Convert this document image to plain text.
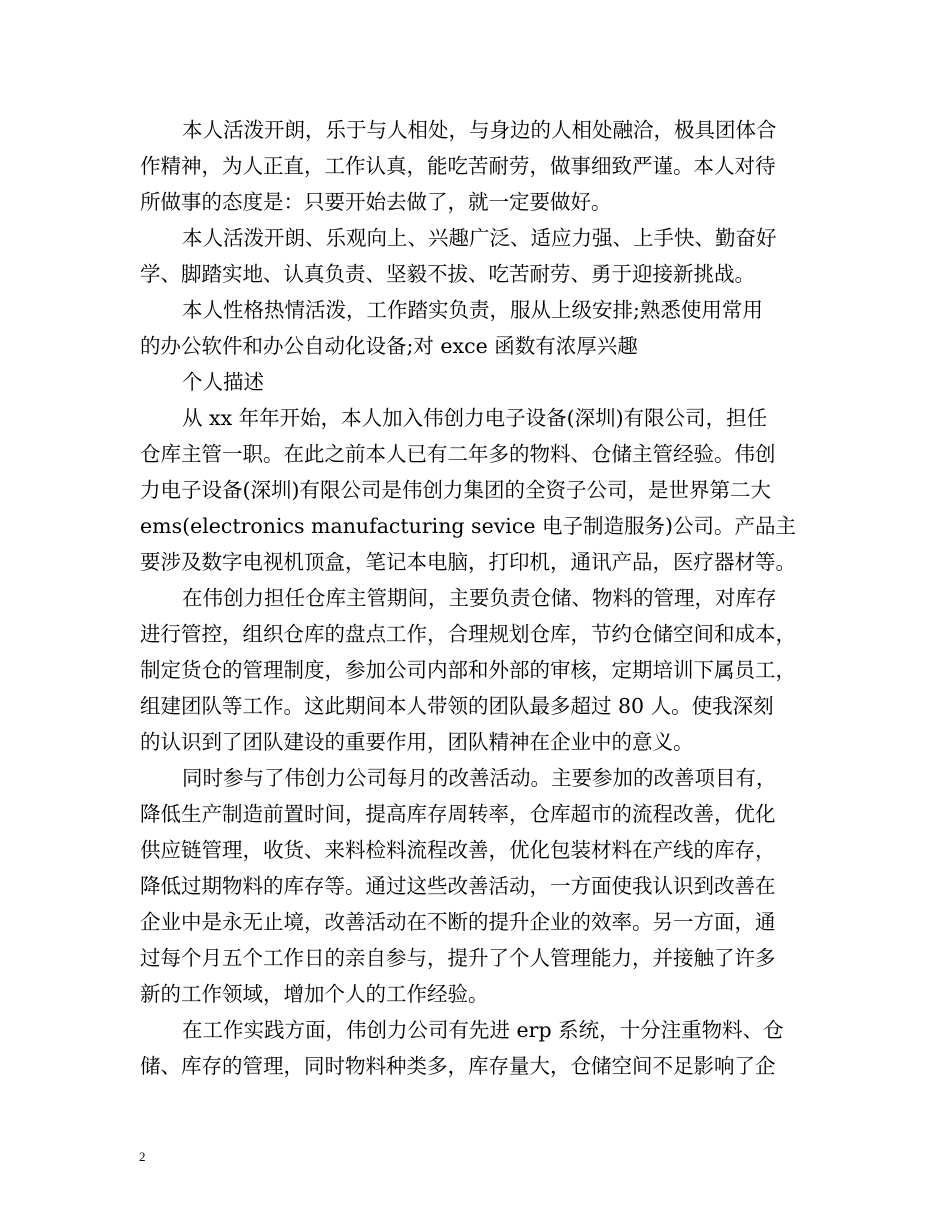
本人活泼开朗，乐于与人相处，与身边的人相处融洽，极具团体合
作精神，为人正直，工作认真，能吃苦耐劳，做事细致严谨。本人对待
所做事的态度是：只要开始去做了，就一定要做好。
本人活泼开朗、乐观向上、兴趣广泛、适应力强、上手快、勤奋好
学、脚踏实地、认真负责、坚毅不拔、吃苦耐劳、勇于迎接新挑战。
本人性格热情活泼，工作踏实负责，服从上级安排;熟悉使用常用
的办公软件和办公自动化设备;对 exce 函数有浓厚兴趣
个人描述
从 xx 年年开始，本人加入伟创力电子设备(深圳)有限公司，担任
仓库主管一职。在此之前本人已有二年多的物料、仓储主管经验。伟创
力电子设备(深圳)有限公司是伟创力集团的全资子公司，是世界第二大
ems(electronics manufacturing sevice 电子制造服务)公司。产品主
要涉及数字电视机顶盒，笔记本电脑，打印机，通讯产品，医疗器材等。
在伟创力担任仓库主管期间，主要负责仓储、物料的管理，对库存
进行管控，组织仓库的盘点工作，合理规划仓库，节约仓储空间和成本，
制定货仓的管理制度，参加公司内部和外部的审核，定期培训下属员工，
组建团队等工作。这此期间本人带领的团队最多超过 80 人。使我深刻
的认识到了团队建设的重要作用，团队精神在企业中的意义。
同时参与了伟创力公司每月的改善活动。主要参加的改善项目有，
降低生产制造前置时间，提高库存周转率，仓库超市的流程改善，优化
供应链管理，收货、来料检料流程改善，优化包装材料在产线的库存，
降低过期物料的库存等。通过这些改善活动，一方面使我认识到改善在
企业中是永无止境，改善活动在不断的提升企业的效率。另一方面，通
过每个月五个工作日的亲自参与，提升了个人管理能力，并接触了许多
新的工作领域，增加个人的工作经验。
在工作实践方面，伟创力公司有先进 erp 系统，十分注重物料、仓
储、库存的管理，同时物料种类多，库存量大，仓储空间不足影响了企
2
